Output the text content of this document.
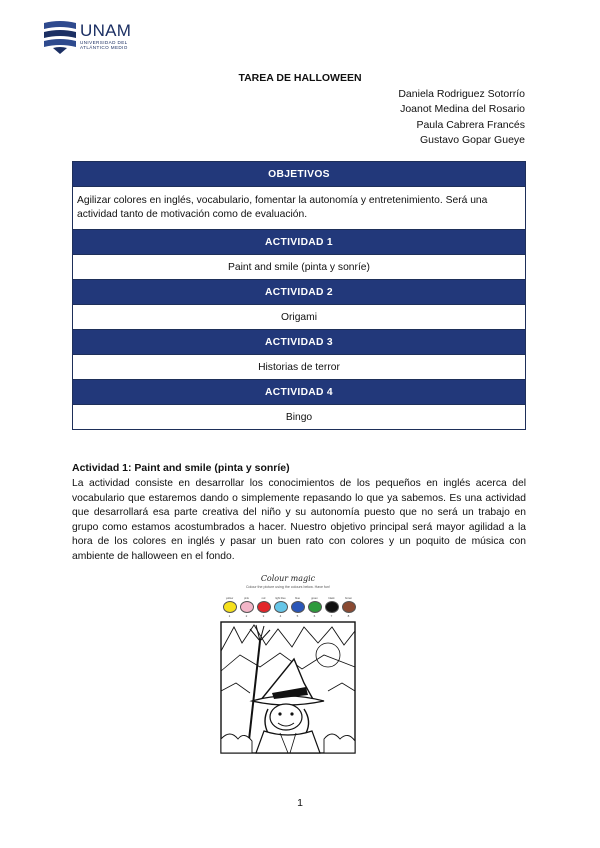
UNAM
UNIVERSIDAD DEL
ATLÁNTICO MEDIO
TAREA DE HALLOWEEN
Daniela Rodriguez Sotorrío
Joanot Medina del Rosario
Paula Cabrera Francés
Gustavo Gopar Gueye
OBJETIVOS
Agilizar colores en inglés, vocabulario, fomentar la autonomía y entretenimiento. Será una actividad tanto de motivación como de evaluación.
ACTIVIDAD 1
Paint and smile (pinta y sonríe)
ACTIVIDAD 2
Origami
ACTIVIDAD 3
Historias de terror
ACTIVIDAD 4
Bingo
Actividad 1: Paint and smile (pinta y sonríe)
La actividad consiste en desarrollar los conocimientos de los pequeños en inglés acerca del vocabulario que estaremos dando o simplemente repasando lo que ya sabemos. Es una actividad que desarrollará esa parte creativa del niño y su autonomía puesto que no será un trabajo en grupo como estamos acostumbrados a hacer. Nuestro objetivo principal será mayor agilidad a la hora de los colores en inglés y pasar un buen rato con colores y un poquito de música con ambiente de halloween en el fondo.
Colour magic
Colour the picture using the colours below. Have fun!
yellow
1
pink
2
red
3
light blue
4
blue
5
green
6
black
7
brown
8
1
